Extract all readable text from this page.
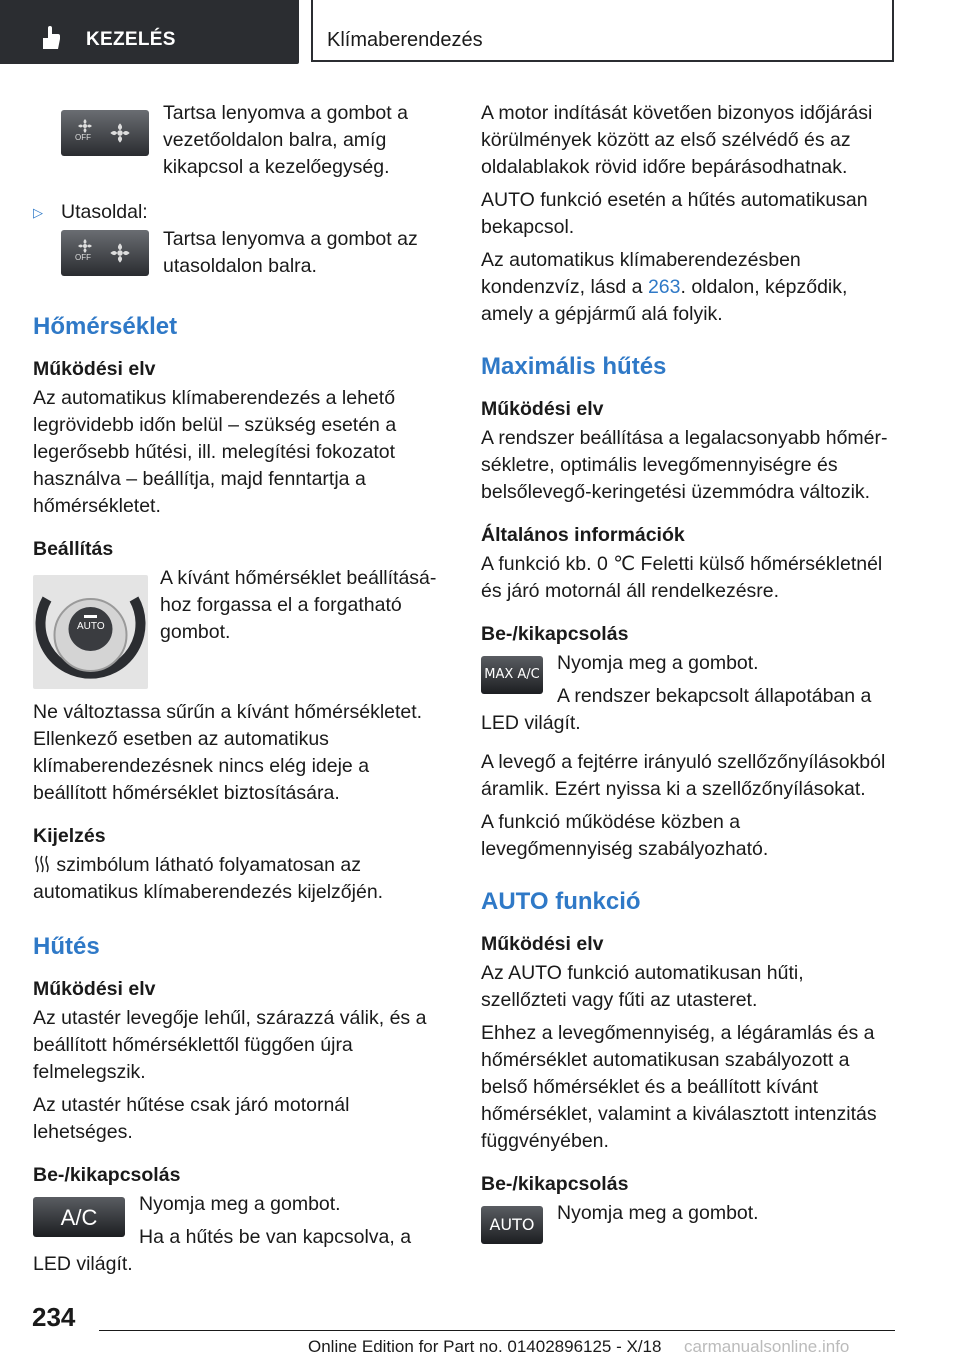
KEZELÉS	Klímaberendezés
OFF

Tartsa lenyomva a gombot a vezetőoldalon balra, amíg kikapcsol a kezelőegység.

▷ Utasoldal:
OFF

Tartsa lenyomva a gombot az utasoldalon balra.

Hőmérséklet
Működési elv

Az automatikus klímaberendezés a lehető legrövidebb időn belül – szükség esetén a legerősebb hűtési, ill. melegítési fokozatot használva – beállítja, majd fenntartja a hőmérsékletet.

Beállítás
AUTO

A kívánt hőmérséklet beállításához forgassa el a forgatható gombot.

Ne változtassa sűrűn a kívánt hőmérsékletet. Ellenkező esetben az automatikus klímaberendezésnek nincs elég ideje a beállított hőmérséklet biztosítására.

Kijelzés

szimbólum látható folyamatosan az automatikus klímaberendezés kijelzőjén.

Hűtés
Működési elv

Az utastér levegője lehűl, szárazzá válik, és a beállított hőmérséklettől függően újra felmelegszik.

Az utastér hűtése csak járó motornál lehetséges.

Be-/kikapcsolás
A/C

Nyomja meg a gombot.

Ha a hűtés be van kapcsolva, a LED világít.

A motor indítását követően bizonyos időjárási körülmények között az első szélvédő és az oldalablakok rövid időre bepárásodhatnak.

AUTO funkció esetén a hűtés automatikusan bekapcsol.

Az automatikus klímaberendezésben kondenzvíz, lásd a 263. oldalon, képződik, amely a gépjármű alá folyik.

Maximális hűtés
Működési elv

A rendszer beállítása a legalacsonyabb hőmérsékletre, optimális levegőmennyiségre és belsőlevegő-keringetési üzemmódra változik.

Általános információk

A funkció kb. 0 ℃ Feletti külső hőmérsékletnél és járó motornál áll rendelkezésre.

Be-/kikapcsolás
MAX A/C

Nyomja meg a gombot.

A rendszer bekapcsolt állapotában a LED világít.

A levegő a fejtérre irányuló szellőzőnyílásokból áramlik. Ezért nyissa ki a szellőzőnyílásokat.

A funkció működése közben a levegőmennyiség szabályozható.

AUTO funkció
Működési elv

Az AUTO funkció automatikusan hűti, szellőzteti vagy fűti az utasteret.

Ehhez a levegőmennyiség, a légáramlás és a hőmérséklet automatikusan szabályozott a belső hőmérséklet és a beállított kívánt hőmérséklet, valamint a kiválasztott intenzitás függvényében.

Be-/kikapcsolás
AUTO

Nyomja meg a gombot.

234
Online Edition for Part no. 01402896125 - X/18 carmanualsonline.info
